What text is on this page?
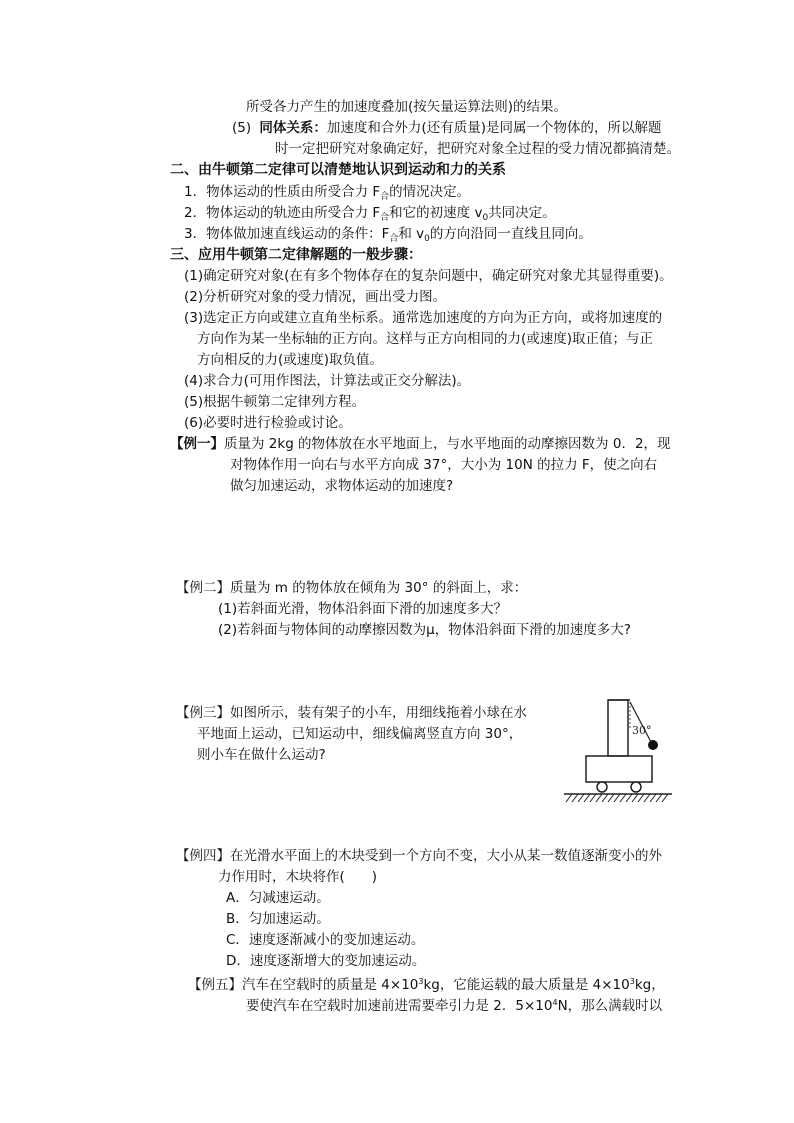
所受各力产生的加速度叠加(按矢量运算法则)的结果。
(5) 同体关系：加速度和合外力(还有质量)是同属一个物体的，所以解题
时一定把研究对象确定好，把研究对象全过程的受力情况都搞清楚。
二、由牛顿第二定律可以清楚地认识到运动和力的关系
1．物体运动的性质由所受合力 $F_合$的情况决定。
2．物体运动的轨迹由所受合力 $F_合$和它的初速度 $v_0$共同决定。
3．物体做加速直线运动的条件：$F_合$和 $v_0$的方向沿同一直线且同向。
三、应用牛顿第二定律解题的一般步骤：
(1)确定研究对象(在有多个物体存在的复杂问题中，确定研究对象尤其显得重要)。
(2)分析研究对象的受力情况，画出受力图。
(3)选定正方向或建立直角坐标系。通常选加速度的方向为正方向，或将加速度的
方向作为某一坐标轴的正方向。这样与正方向相同的力(或速度)取正值；与正
方向相反的力(或速度)取负值。
(4)求合力(可用作图法，计算法或正交分解法)。
(5)根据牛顿第二定律列方程。
(6)必要时进行检验或讨论。
【例一】质量为 2kg 的物体放在水平地面上，与水平地面的动摩擦因数为 0．2，现
对物体作用一向右与水平方向成 37°，大小为 10N 的拉力 F，使之向右
做匀加速运动，求物体运动的加速度?
【例二】质量为 m 的物体放在倾角为 30° 的斜面上，求：
(1)若斜面光滑，物体沿斜面下滑的加速度多大？
(2)若斜面与物体间的动摩擦因数为μ，物体沿斜面下滑的加速度多大?
【例三】如图所示，装有架子的小车，用细线拖着小球在水
平地面上运动，已知运动中，细线偏离竖直方向 30°，
则小车在做什么运动?
30°
【例四】在光滑水平面上的木块受到一个方向不变，大小从某一数值逐渐变小的外
力作用时，木块将作(　　)
A．匀减速运动。
B．匀加速运动。
C．速度逐渐减小的变加速运动。
D．速度逐渐增大的变加速运动。
【例五】汽车在空载时的质量是 $4\times 10^3kg$，它能运载的最大质量是 $4\times 10^3kg$，
要使汽车在空载时加速前进需要牵引力是 2．$5\times 10^4N$，那么满载时以
